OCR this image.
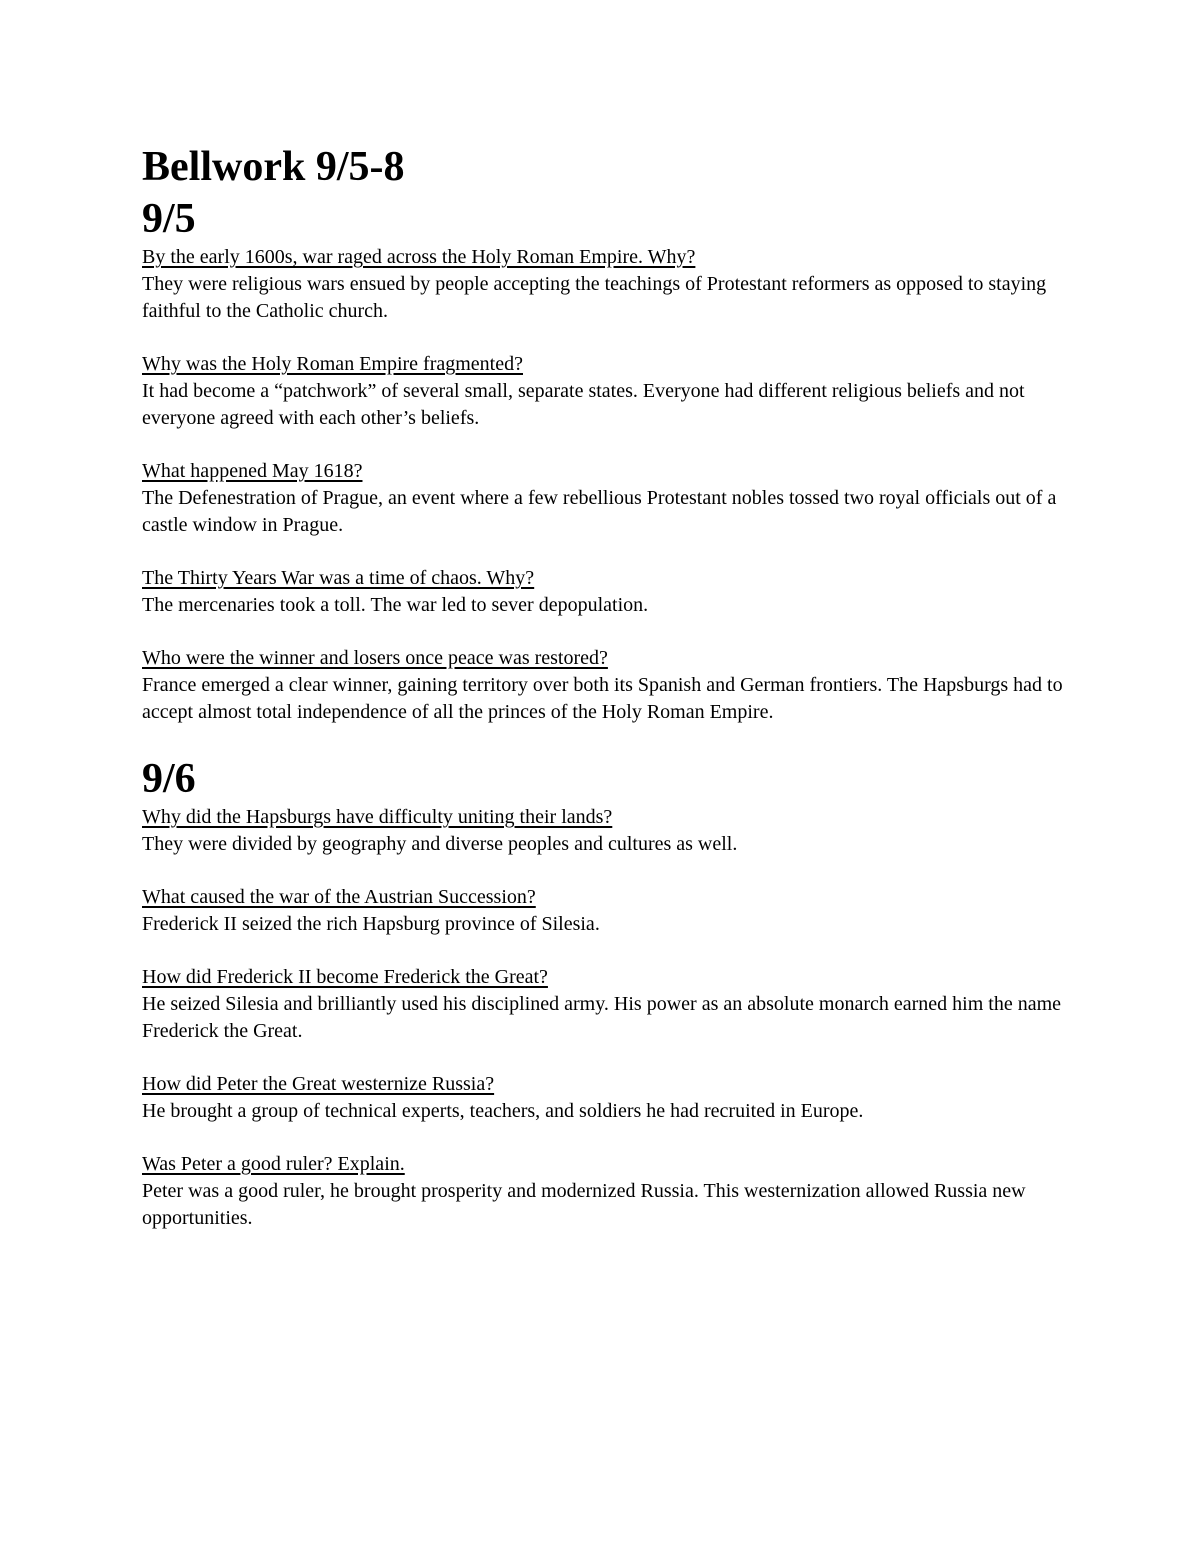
Bellwork 9/5-8
9/5

By the early 1600s, war raged across the Holy Roman Empire. Why?

They were religious wars ensued by people accepting the teachings of Protestant reformers as opposed to staying faithful to the Catholic church.

Why was the Holy Roman Empire fragmented?

It had become a “patchwork” of several small, separate states. Everyone had different religious beliefs and not everyone agreed with each other’s beliefs.

What happened May 1618?

The Defenestration of Prague, an event where a few rebellious Protestant nobles tossed two royal officials out of a castle window in Prague.

The Thirty Years War was a time of chaos. Why?

The mercenaries took a toll. The war led to sever depopulation.

Who were the winner and losers once peace was restored?

France emerged a clear winner, gaining territory over both its Spanish and German frontiers. The Hapsburgs had to accept almost total independence of all the princes of the Holy Roman Empire.

9/6

Why did the Hapsburgs have difficulty uniting their lands?

They were divided by geography and diverse peoples and cultures as well.

What caused the war of the Austrian Succession?

Frederick II seized the rich Hapsburg province of Silesia.

How did Frederick II become Frederick the Great?

He seized Silesia and brilliantly used his disciplined army. His power as an absolute monarch earned him the name Frederick the Great.

How did Peter the Great westernize Russia?

He brought a group of technical experts, teachers, and soldiers he had recruited in Europe.

Was Peter a good ruler? Explain.

Peter was a good ruler, he brought prosperity and modernized Russia. This westernization allowed Russia new opportunities.
